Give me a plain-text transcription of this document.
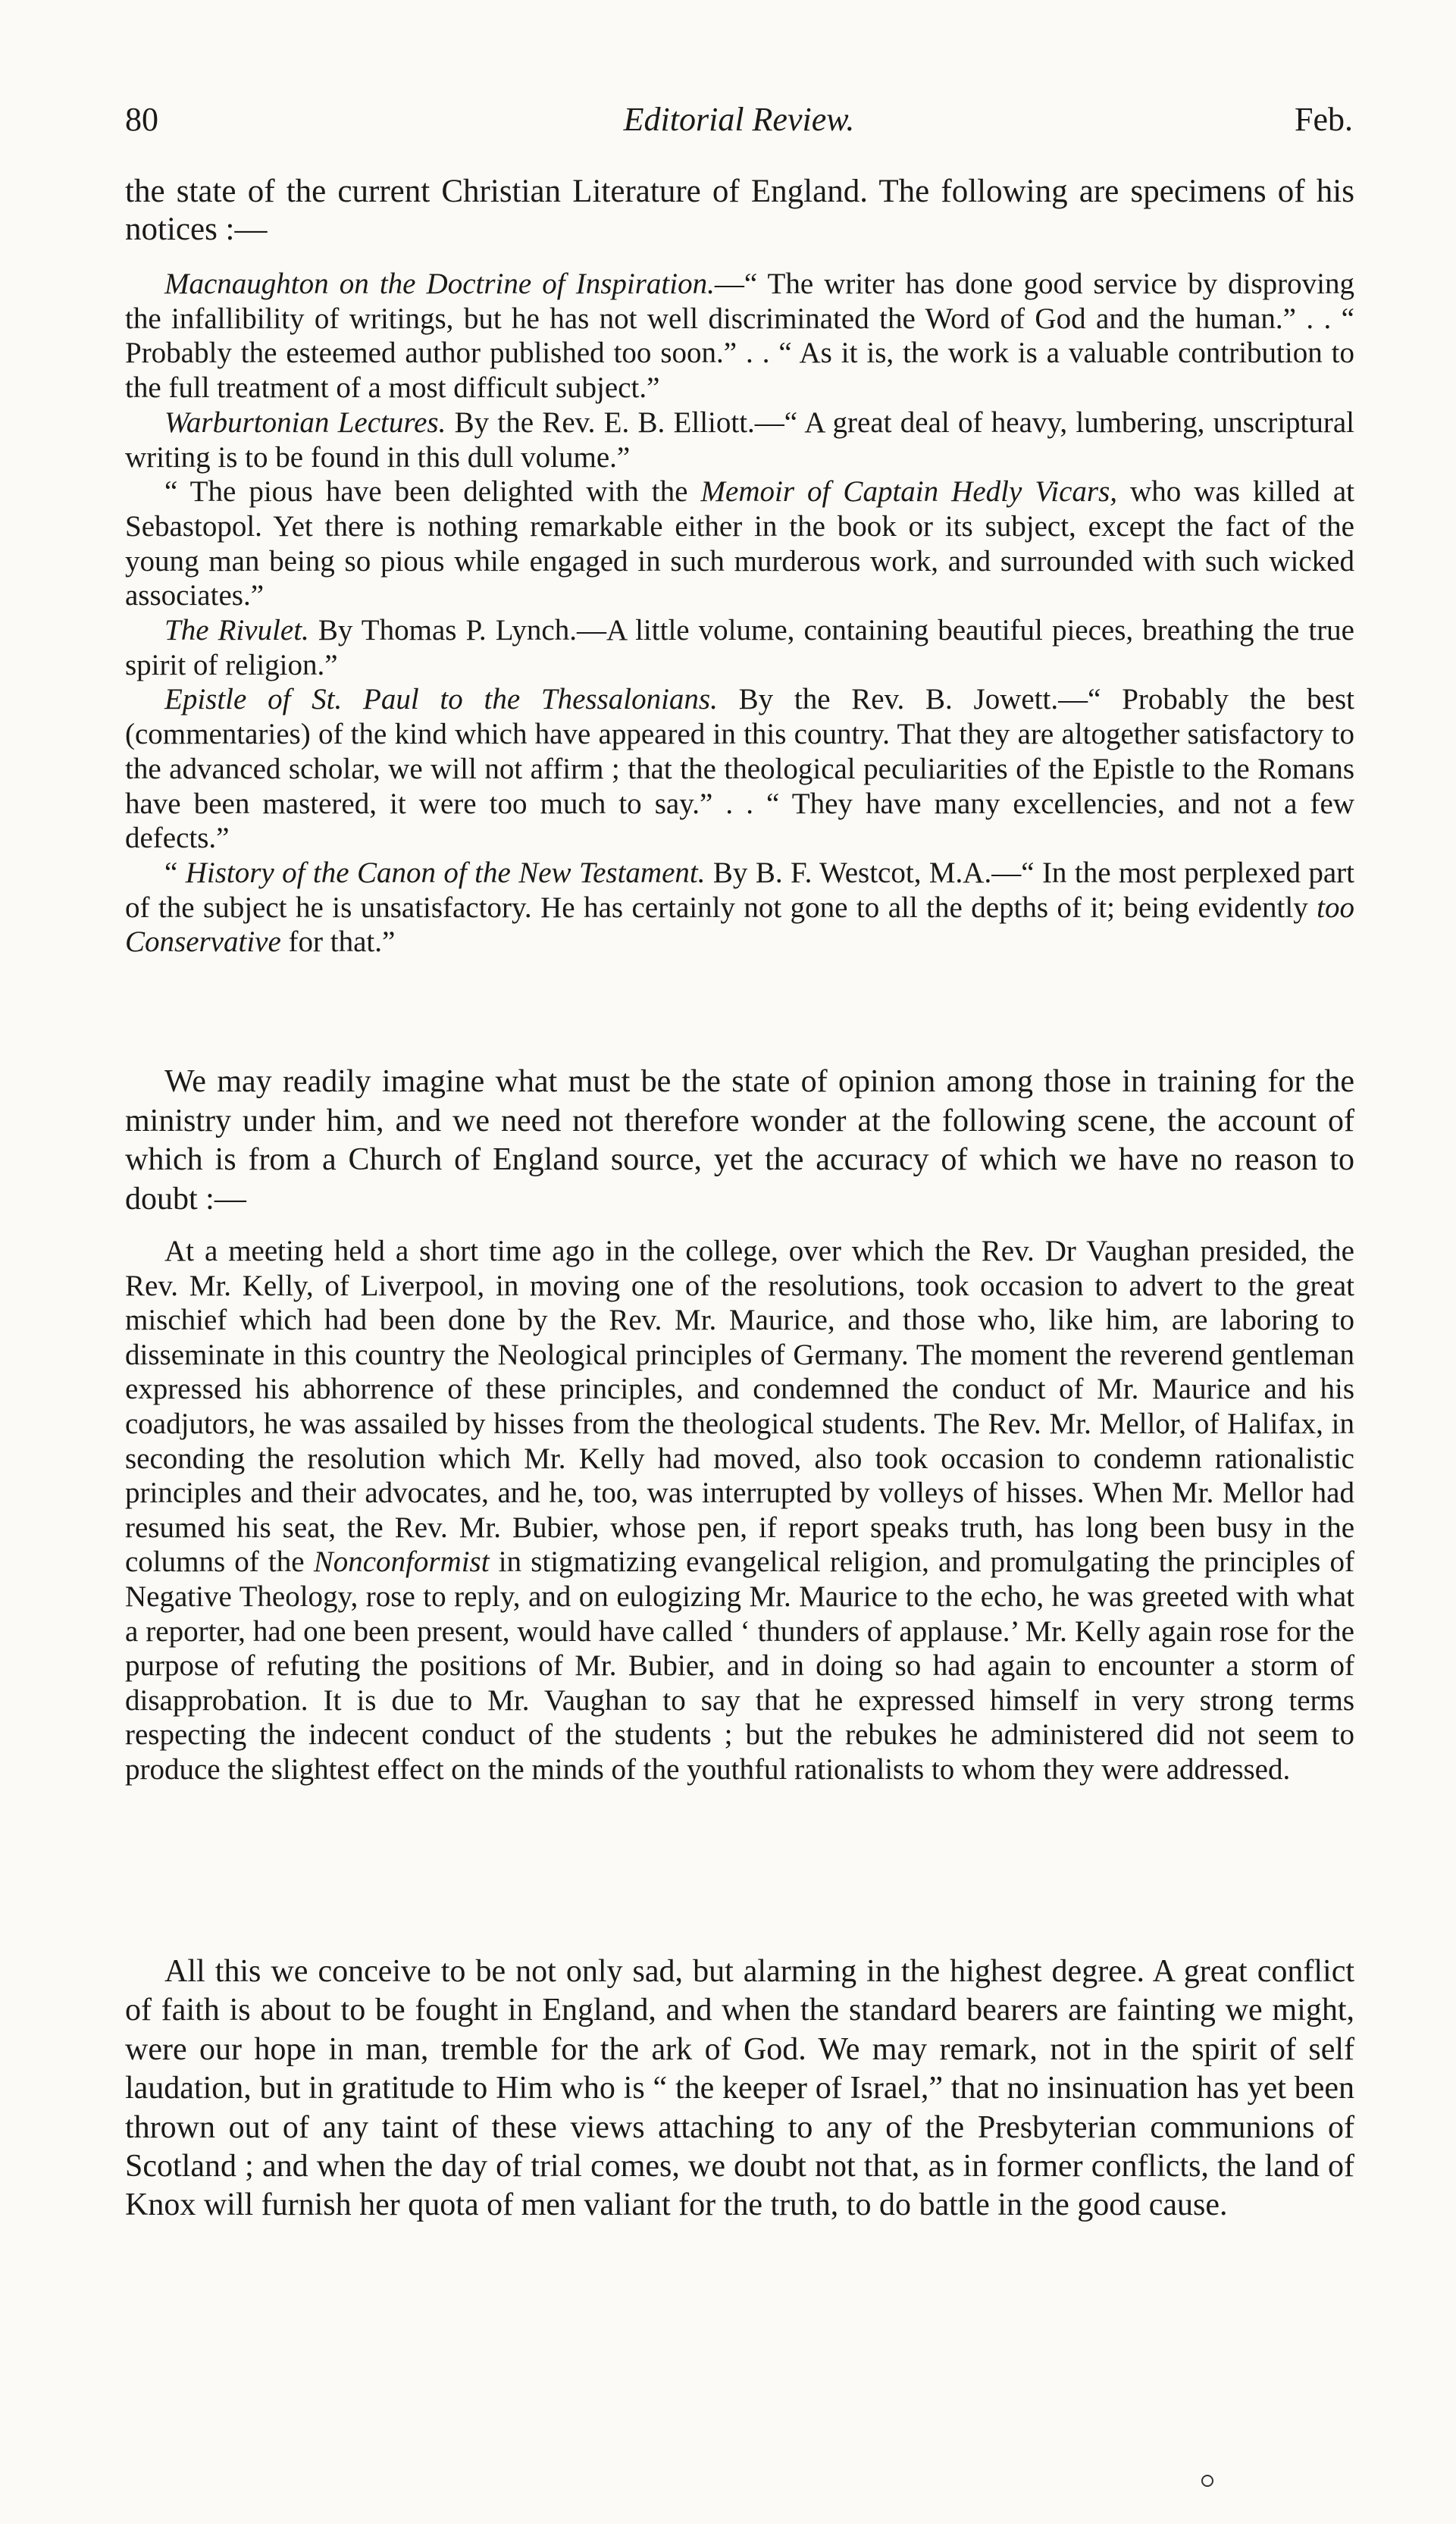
80	Editorial Review.	Feb.

the state of the current Christian Literature of England. The following are specimens of his notices :—

Macnaughton on the Doctrine of Inspiration.—“ The writer has done good service by disproving the infallibility of writings, but he has not well discriminated the Word of God and the human.” . . “ Probably the esteemed author published too soon.” . . “ As it is, the work is a valuable contribution to the full treatment of a most difficult subject.”

Warburtonian Lectures. By the Rev. E. B. Elliott.—“ A great deal of heavy, lumbering, unscriptural writing is to be found in this dull volume.”

“ The pious have been delighted with the Memoir of Captain Hedly Vicars, who was killed at Sebastopol. Yet there is nothing remarkable either in the book or its subject, except the fact of the young man being so pious while engaged in such murderous work, and surrounded with such wicked associates.”

The Rivulet. By Thomas P. Lynch.—A little volume, containing beautiful pieces, breathing the true spirit of religion.”

Epistle of St. Paul to the Thessalonians. By the Rev. B. Jowett.—“ Probably the best (commentaries) of the kind which have appeared in this country. That they are altogether satisfactory to the advanced scholar, we will not affirm ; that the theological peculiarities of the Epistle to the Romans have been mastered, it were too much to say.” . . “ They have many excellencies, and not a few defects.”

“ History of the Canon of the New Testament. By B. F. Westcot, M.A.—“ In the most perplexed part of the subject he is unsatisfactory. He has certainly not gone to all the depths of it; being evidently too Conservative for that.”

We may readily imagine what must be the state of opinion among those in training for the ministry under him, and we need not therefore wonder at the following scene, the account of which is from a Church of England source, yet the accuracy of which we have no reason to doubt :—

At a meeting held a short time ago in the college, over which the Rev. Dr Vaughan presided, the Rev. Mr. Kelly, of Liverpool, in moving one of the resolutions, took occasion to advert to the great mischief which had been done by the Rev. Mr. Maurice, and those who, like him, are laboring to disseminate in this country the Neological principles of Germany. The moment the reverend gentleman expressed his abhorrence of these principles, and condemned the conduct of Mr. Maurice and his coadjutors, he was assailed by hisses from the theological students. The Rev. Mr. Mellor, of Halifax, in seconding the resolution which Mr. Kelly had moved, also took occasion to condemn rationalistic principles and their advocates, and he, too, was interrupted by volleys of hisses. When Mr. Mellor had resumed his seat, the Rev. Mr. Bubier, whose pen, if report speaks truth, has long been busy in the columns of the Nonconformist in stigmatizing evangelical religion, and promulgating the principles of Negative Theology, rose to reply, and on eulogizing Mr. Maurice to the echo, he was greeted with what a reporter, had one been present, would have called ‘ thunders of applause.’ Mr. Kelly again rose for the purpose of refuting the positions of Mr. Bubier, and in doing so had again to encounter a storm of disapprobation. It is due to Mr. Vaughan to say that he expressed himself in very strong terms respecting the indecent conduct of the students ; but the rebukes he administered did not seem to produce the slightest effect on the minds of the youthful rationalists to whom they were addressed.

All this we conceive to be not only sad, but alarming in the highest degree. A great conflict of faith is about to be fought in England, and when the standard bearers are fainting we might, were our hope in man, tremble for the ark of God. We may remark, not in the spirit of self laudation, but in gratitude to Him who is “ the keeper of Israel,” that no insinuation has yet been thrown out of any taint of these views attaching to any of the Presbyterian communions of Scotland ; and when the day of trial comes, we doubt not that, as in former conflicts, the land of Knox will furnish her quota of men valiant for the truth, to do battle in the good cause.
